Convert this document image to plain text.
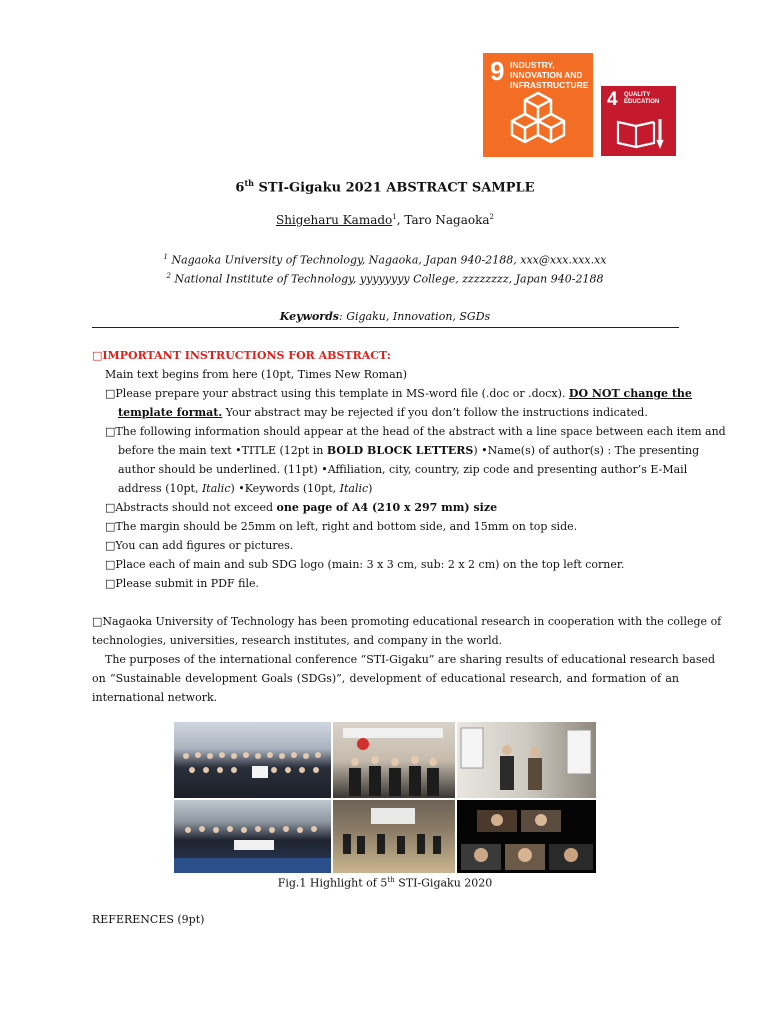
9 INDUSTRY, INNOVATION AND INFRASTRUCTURE
4 QUALITY EDUCATION
6th STI-Gigaku 2021 ABSTRACT SAMPLE
Shigeharu Kamado$^1$, Taro Nagaoka$^2$
$^1$ Nagaoka University of Technology, Nagaoka, Japan 940-2188, xxx@xxx.xxx.xx
$^2$ National Institute of Technology, yyyyyyyy College, zzzzzzzz, Japan 940-2188
Keywords: Gigaku, Innovation, SGDs
□IMPORTANT INSTRUCTIONS FOR ABSTRACT:
Main text begins from here (10pt, Times New Roman)
□Please prepare your abstract using this template in MS-word file (.doc or .docx). DO NOT change the
template format. Your abstract may be rejected if you don’t follow the instructions indicated.
□The following information should appear at the head of the abstract with a line space between each item and
before the main text •TITLE (12pt in BOLD BLOCK LETTERS) •Name(s) of author(s) : The presenting
author should be underlined. (11pt) •Affiliation, city, country, zip code and presenting author’s E-Mail
address (10pt, Italic) •Keywords (10pt, Italic)
□Abstracts should not exceed one page of A4 (210 x 297 mm) size
□The margin should be 25mm on left, right and bottom side, and 15mm on top side.
□You can add figures or pictures.
□Place each of main and sub SDG logo (main: 3 x 3 cm, sub: 2 x 2 cm) on the top left corner.
□Please submit in PDF file.
□Nagaoka University of Technology has been promoting educational research in cooperation with the college of
technologies, universities, research institutes, and company in the world.
The purposes of the international conference “STI-Gigaku” are sharing results of educational research based
on “Sustainable development Goals (SDGs)”, development of educational research, and formation of an
international network.
Fig.1 Highlight of 5th STI-Gigaku 2020
REFERENCES (9pt)
